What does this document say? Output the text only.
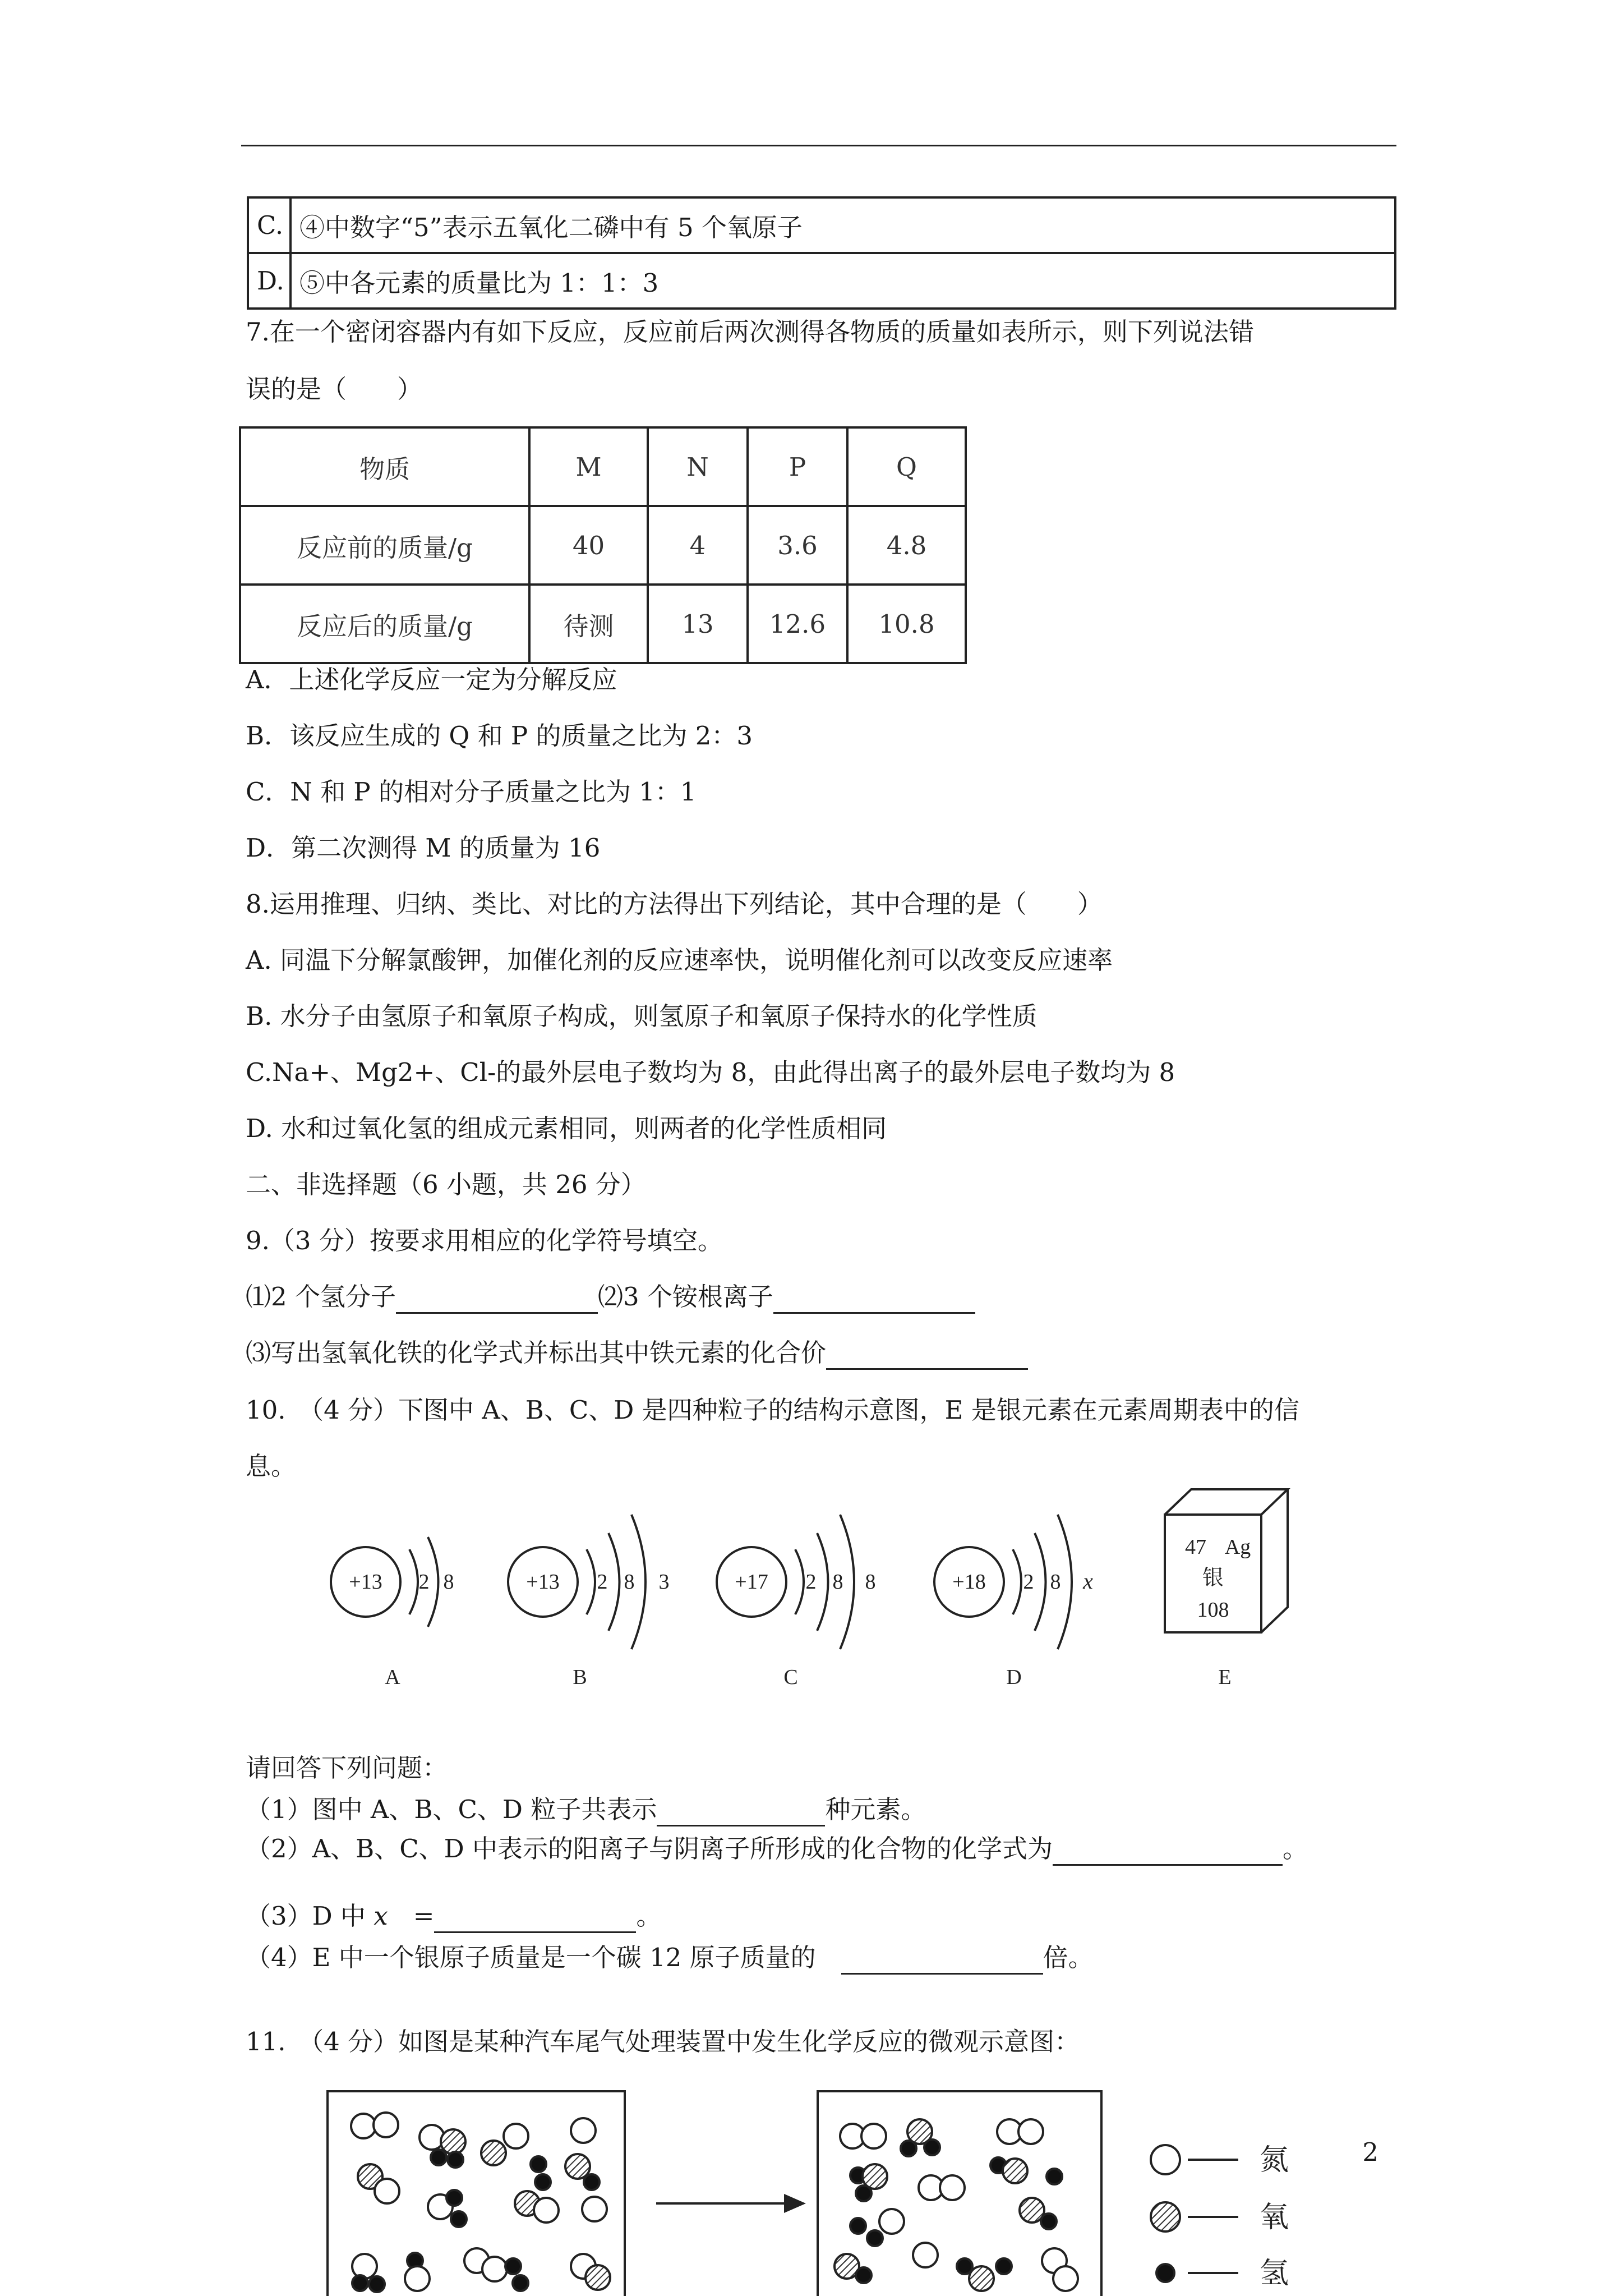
C.	④中数字“5”表示五氧化二磷中有 5 个氧原子
D.	⑤中各元素的质量比为 1：1：3
7.在一个密闭容器内有如下反应，反应前后两次测得各物质的质量如表所示，则下列说法错
误的是（　　）
物质	M	N	P	Q
反应前的质量/g	40	4	3.6	4.8
反应后的质量/g	待测	13	12.6	10.8
A．上述化学反应一定为分解反应
B．该反应生成的 Q 和 P 的质量之比为 2：3
C．N 和 P 的相对分子质量之比为 1：1
D．第二次测得 M 的质量为 16
8.运用推理、归纳、类比、对比的方法得出下列结论，其中合理的是（　　）
A. 同温下分解氯酸钾，加催化剂的反应速率快，说明催化剂可以改变反应速率
B. 水分子由氢原子和氧原子构成，则氢原子和氧原子保持水的化学性质
C.Na+、Mg2+、Cl-的最外层电子数均为 8，由此得出离子的最外层电子数均为 8
D. 水和过氧化氢的组成元素相同，则两者的化学性质相同
二、非选择题（6 小题，共 26 分）
9.（3 分）按要求用相应的化学符号填空。
⑴2 个氢分子	⑵3 个铵根离子
⑶写出氢氧化铁的化学式并标出其中铁元素的化合价
10.　（4 分）下图中 A、B、C、D 是四种粒子的结构示意图，E 是银元素在元素周期表中的信
息。
+13 2 8
A
+13 2 8 3
B
+17 2 8 8
C
+18 2 8 x
D
47 Ag
银
108
E
氮
氧
氢
请回答下列问题：
（1）图中 A、B、C、D 粒子共表示	种元素。
（2）A、B、C、D 中表示的阳离子与阴离子所形成的化合物的化学式为	。
（3）D 中 x　=	。
（4）E 中一个银原子质量是一个碳 12 原子质量的　	倍。
11.　（4 分）如图是某种汽车尾气处理装置中发生化学反应的微观示意图：
2
